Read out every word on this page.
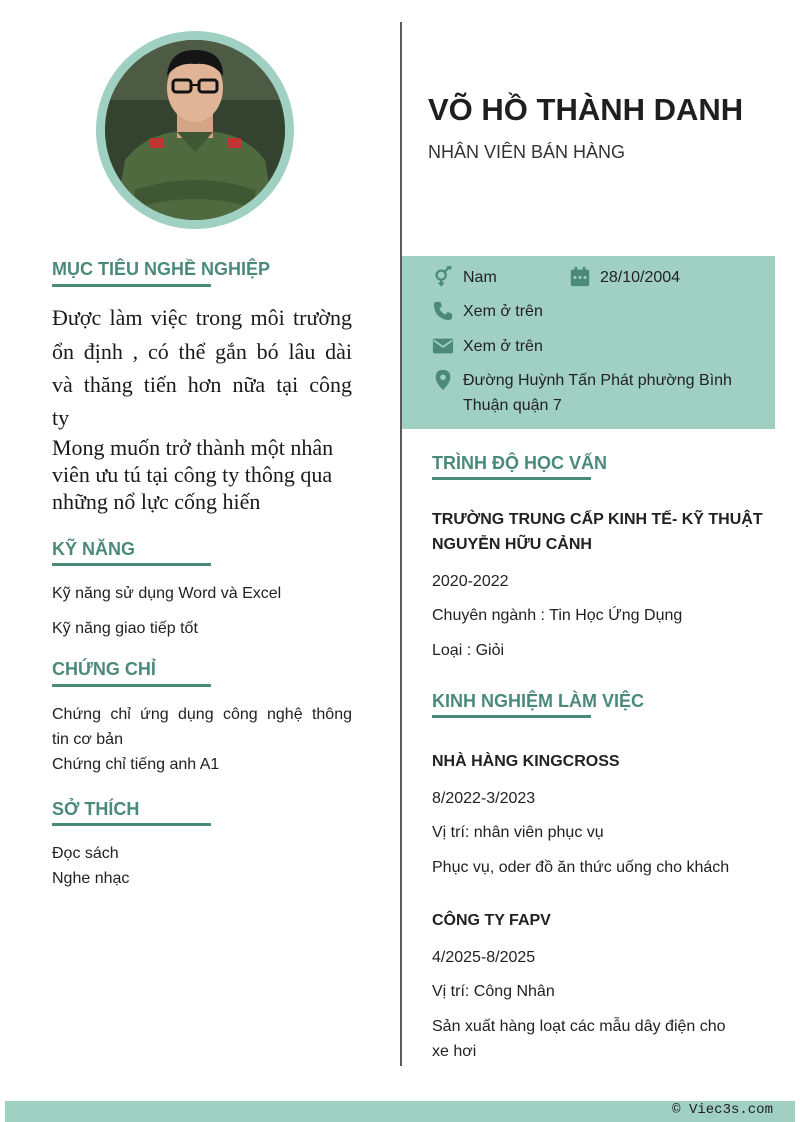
VÕ HỒ THÀNH DANH
NHÂN VIÊN BÁN HÀNG
Nam	28/10/2004
Xem ở trên
Xem ở trên
Đường Huỳnh Tấn Phát phường Bình
Thuận quận 7
MỤC TIÊU NGHỀ NGHIỆP
Được làm việc trong môi trường
ổn định , có thể gắn bó lâu dài
và thăng tiến hơn nữa tại công
ty
Mong muốn trở thành một nhân
viên ưu tú tại công ty thông qua
những nổ lực cống hiến
KỸ NĂNG
Kỹ năng sử dụng Word và Excel
Kỹ năng giao tiếp tốt
CHỨNG CHỈ
Chứng chỉ ứng dụng công nghệ thông
tin cơ bản
Chứng chỉ tiếng anh A1
SỞ THÍCH
Đọc sách
Nghe nhạc
TRÌNH ĐỘ HỌC VẤN
TRƯỜNG TRUNG CẤP KINH TẾ- KỸ THUẬT
NGUYỄN HỮU CẢNH
2020-2022
Chuyên ngành : Tin Học Ứng Dụng
Loại : Giỏi
KINH NGHIỆM LÀM VIỆC
NHÀ HÀNG KINGCROSS
8/2022-3/2023
Vị trí: nhân viên phục vụ
Phục vụ, oder đồ ăn thức uống cho khách
CÔNG TY FAPV
4/2025-8/2025
Vị trí: Công Nhân
Sản xuất hàng loạt các mẫu dây điện cho
xe hơi
© Viec3s.com
